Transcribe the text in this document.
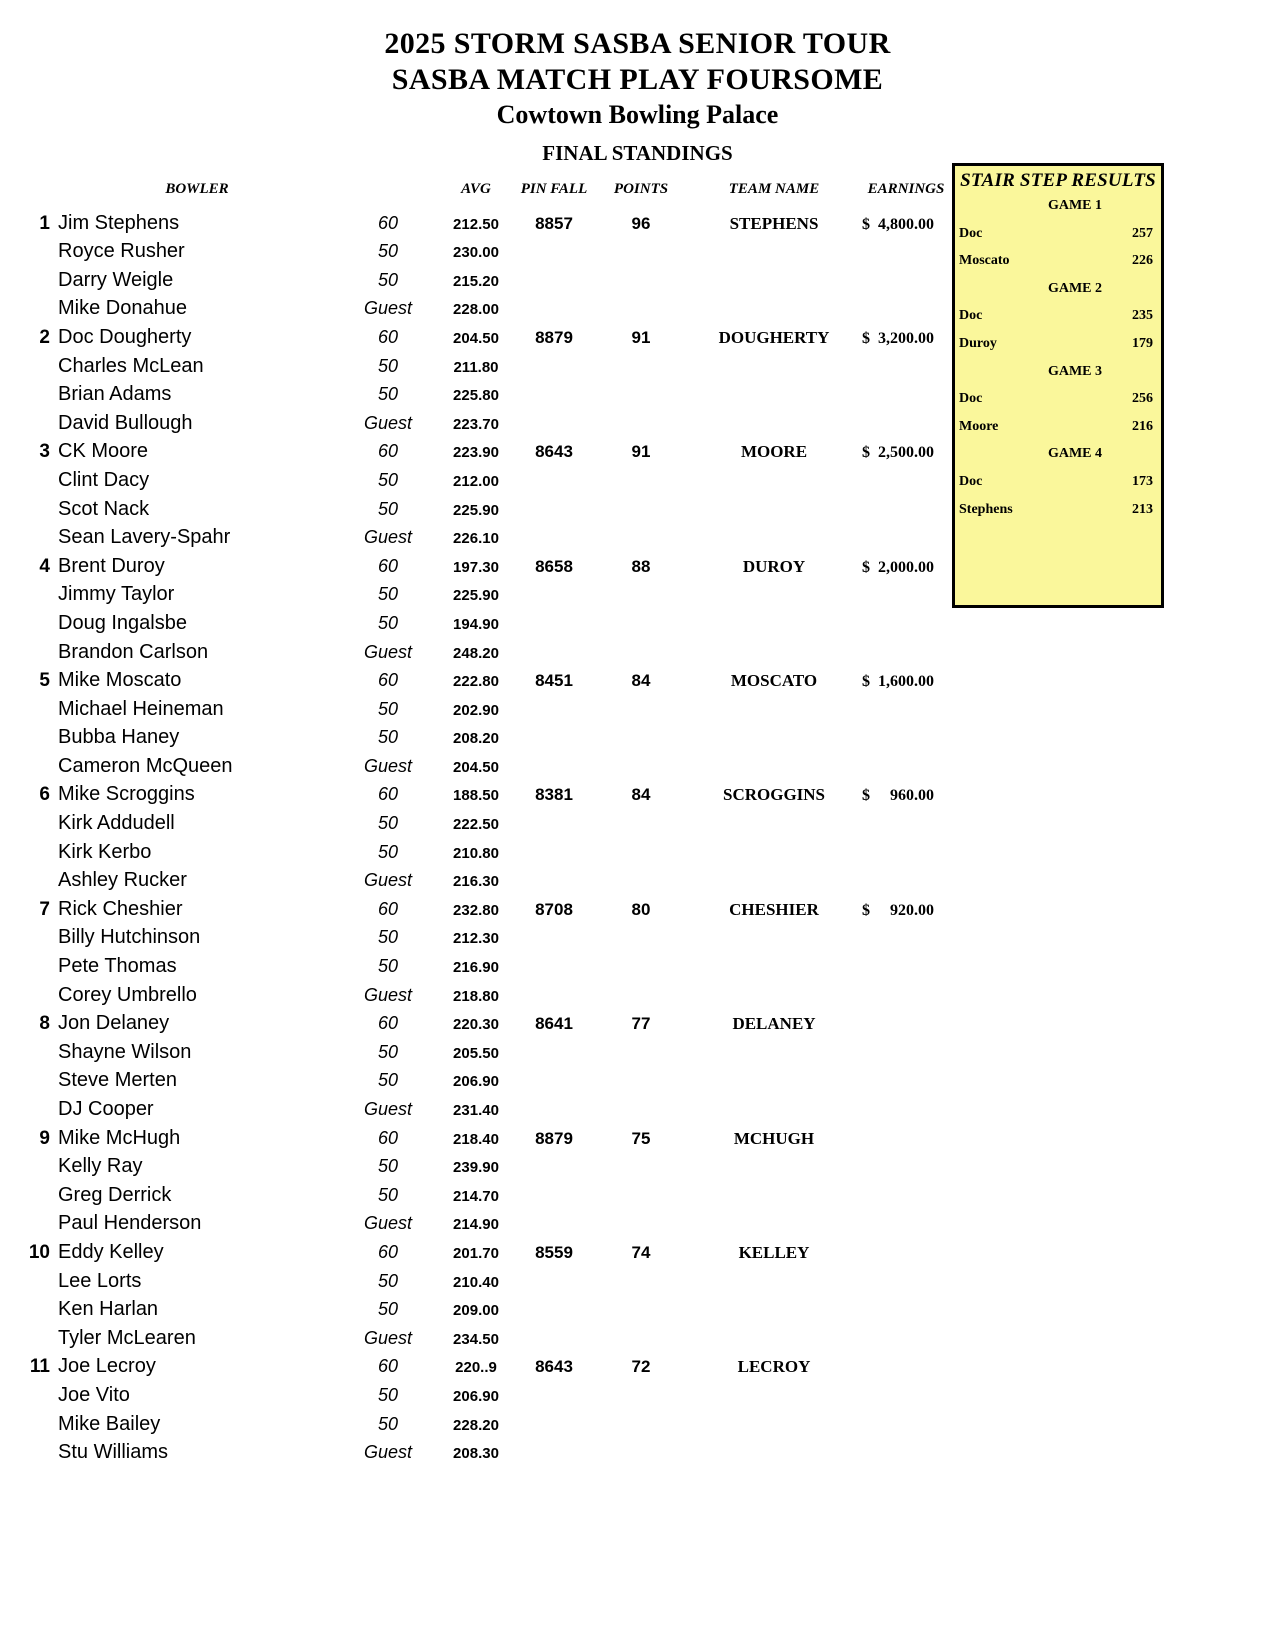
2025 STORM SASBA SENIOR TOUR
SASBA MATCH PLAY FOURSOME
Cowtown Bowling Palace
FINAL STANDINGS
	BOWLER		AVG	PIN FALL	POINTS	TEAM NAME	EARNINGS
1	Jim Stephens	60	212.50	8857	96	STEPHENS	$  4,800.00
	Royce Rusher	50	230.00				
	Darry Weigle	50	215.20				
	Mike Donahue	Guest	228.00				
2	Doc Dougherty	60	204.50	8879	91	DOUGHERTY	$  3,200.00
	Charles McLean	50	211.80				
	Brian Adams	50	225.80				
	David Bullough	Guest	223.70				
3	CK Moore	60	223.90	8643	91	MOORE	$  2,500.00
	Clint Dacy	50	212.00				
	Scot Nack	50	225.90				
	Sean Lavery-Spahr	Guest	226.10				
4	Brent Duroy	60	197.30	8658	88	DUROY	$  2,000.00
	Jimmy Taylor	50	225.90				
	Doug Ingalsbe	50	194.90				
	Brandon Carlson	Guest	248.20				
5	Mike Moscato	60	222.80	8451	84	MOSCATO	$  1,600.00
	Michael Heineman	50	202.90				
	Bubba Haney	50	208.20				
	Cameron McQueen	Guest	204.50				
6	Mike Scroggins	60	188.50	8381	84	SCROGGINS	$     960.00
	Kirk Addudell	50	222.50				
	Kirk Kerbo	50	210.80				
	Ashley Rucker	Guest	216.30				
7	Rick Cheshier	60	232.80	8708	80	CHESHIER	$     920.00
	Billy Hutchinson	50	212.30				
	Pete Thomas	50	216.90				
	Corey Umbrello	Guest	218.80				
8	Jon Delaney	60	220.30	8641	77	DELANEY	
	Shayne Wilson	50	205.50				
	Steve Merten	50	206.90				
	DJ Cooper	Guest	231.40				
9	Mike McHugh	60	218.40	8879	75	MCHUGH	
	Kelly Ray	50	239.90				
	Greg Derrick	50	214.70				
	Paul Henderson	Guest	214.90				
10	Eddy Kelley	60	201.70	8559	74	KELLEY	
	Lee Lorts	50	210.40				
	Ken Harlan	50	209.00				
	Tyler McLearen	Guest	234.50				
11	Joe Lecroy	60	220..9	8643	72	LECROY	
	Joe Vito	50	206.90				
	Mike Bailey	50	228.20				
	Stu Williams	Guest	208.30				
STAIR STEP RESULTS
GAME 1
Doc	257
Moscato	226
GAME 2
Doc	235
Duroy	179
GAME 3
Doc	256
Moore	216
GAME 4
Doc	173
Stephens	213
